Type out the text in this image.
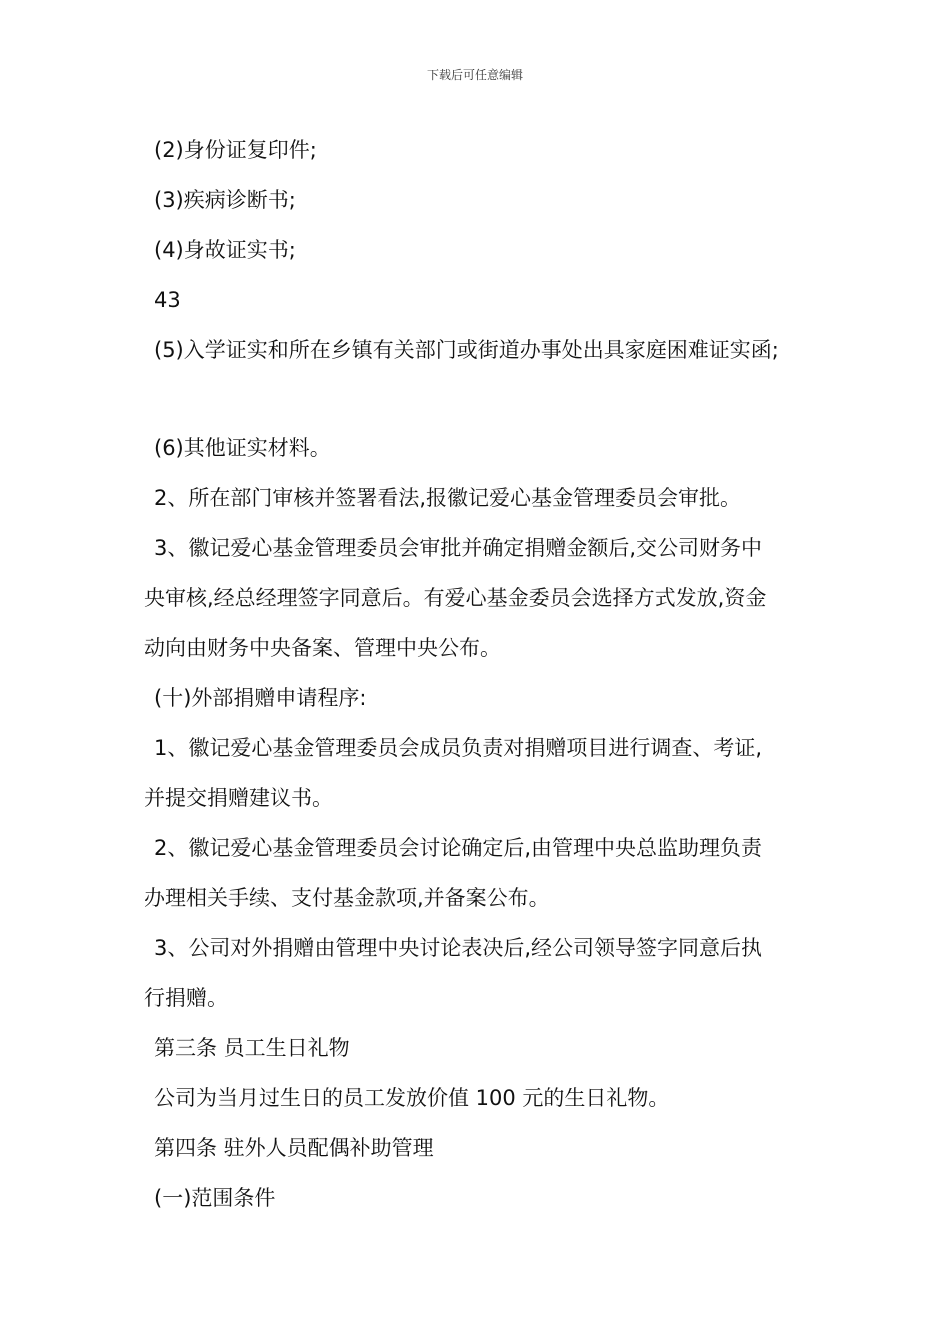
下载后可任意编辑
(2)身份证复印件;
(3)疾病诊断书;
(4)身故证实书;
43
(5)入学证实和所在乡镇有关部门或街道办事处出具家庭困难证实函;
(6)其他证实材料。
2、所在部门审核并签署看法,报徽记爱心基金管理委员会审批。
3、徽记爱心基金管理委员会审批并确定捐赠金额后,交公司财务中
央审核,经总经理签字同意后。有爱心基金委员会选择方式发放,资金
动向由财务中央备案、管理中央公布。
(十)外部捐赠申请程序:
1、徽记爱心基金管理委员会成员负责对捐赠项目进行调查、考证,
并提交捐赠建议书。
2、徽记爱心基金管理委员会讨论确定后,由管理中央总监助理负责
办理相关手续、支付基金款项,并备案公布。
3、公司对外捐赠由管理中央讨论表决后,经公司领导签字同意后执
行捐赠。
第三条 员工生日礼物
公司为当月过生日的员工发放价值 100 元的生日礼物。
第四条 驻外人员配偶补助管理
(一)范围条件
